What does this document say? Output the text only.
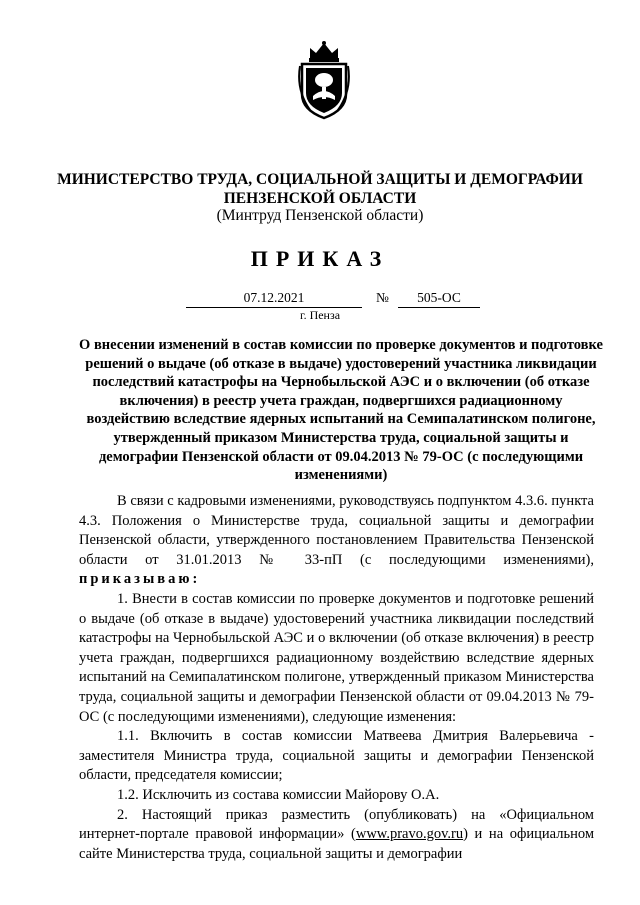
МИНИСТЕРСТВО ТРУДА, СОЦИАЛЬНОЙ ЗАЩИТЫ И ДЕМОГРАФИИ
ПЕНЗЕНСКОЙ ОБЛАСТИ
(Минтруд Пензенской области)
ПРИКАЗ
07.12.2021	№	505-ОС
г. Пенза
О внесении изменений в состав комиссии по проверке документов и подготовке решений о выдаче (об отказе в выдаче) удостоверений участника ликвидации последствий катастрофы на Чернобыльской АЭС и о включении (об отказе включения) в реестр учета граждан, подвергшихся радиационному воздействию вследствие ядерных испытаний на Семипалатинском полигоне, утвержденный приказом Министерства труда, социальной защиты и демографии Пензенской области от 09.04.2013 № 79-ОС (с последующими изменениями)

В связи с кадровыми изменениями, руководствуясь подпунктом 4.3.6. пункта 4.3. Положения о Министерстве труда, социальной защиты и демографии Пензенской области, утвержденного постановлением Правительства Пензенской области от 31.01.2013 № 33-пП (с последующими изменениями), приказываю:

1. Внести в состав комиссии по проверке документов и подготовке решений о выдаче (об отказе в выдаче) удостоверений участника ликвидации последствий катастрофы на Чернобыльской АЭС и о включении (об отказе включения) в реестр учета граждан, подвергшихся радиационному воздействию вследствие ядерных испытаний на Семипалатинском полигоне, утвержденный приказом Министерства труда, социальной защиты и демографии Пензенской области от 09.04.2013 № 79-ОС (с последующими изменениями), следующие изменения:

1.1. Включить в состав комиссии Матвеева Дмитрия Валерьевича - заместителя Министра труда, социальной защиты и демографии Пензенской области, председателя комиссии;

1.2. Исключить из состава комиссии Майорову О.А.

2. Настоящий приказ разместить (опубликовать) на «Официальном интернет-портале правовой информации» (www.pravo.gov.ru) и на официальном сайте Министерства труда, социальной защиты и демографии
